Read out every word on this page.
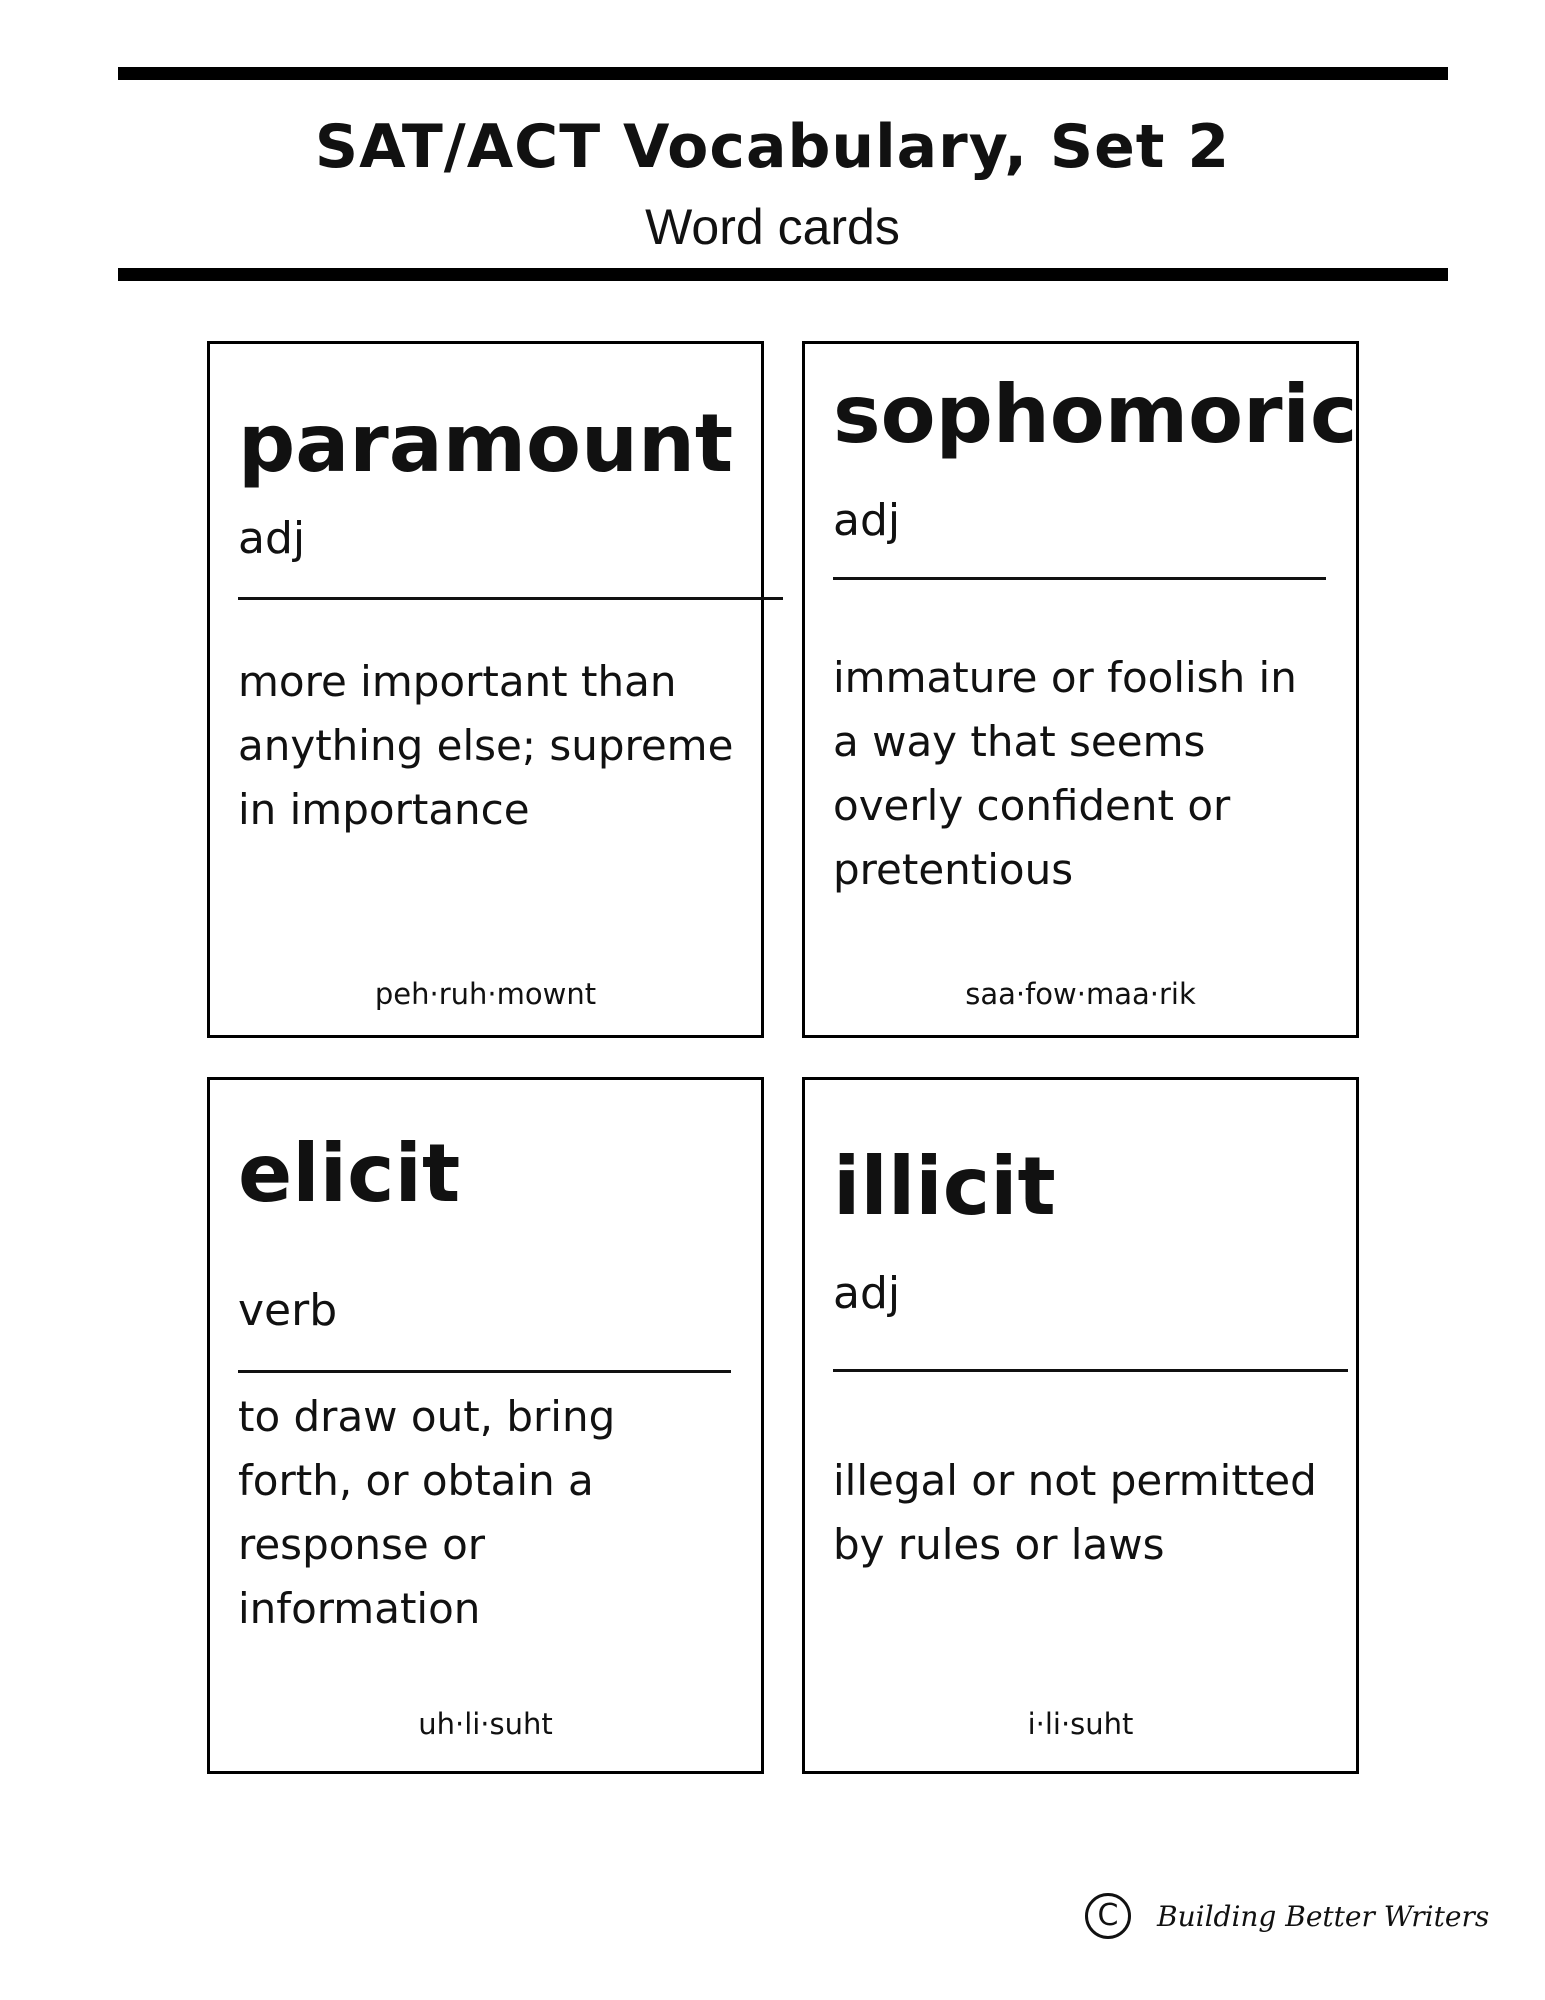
SAT/ACT Vocabulary, Set 2
Word cards
paramount
adj
more important than anything else; supreme in importance
peh·ruh·mownt
sophomoric
adj
immature or foolish in a way that seems overly confident or pretentious
saa·fow·maa·rik
elicit
verb
to draw out, bring forth, or obtain a response or information
uh·li·suht
illicit
adj
illegal or not permitted by rules or laws
i·li·suht
C	Building Better Writers
